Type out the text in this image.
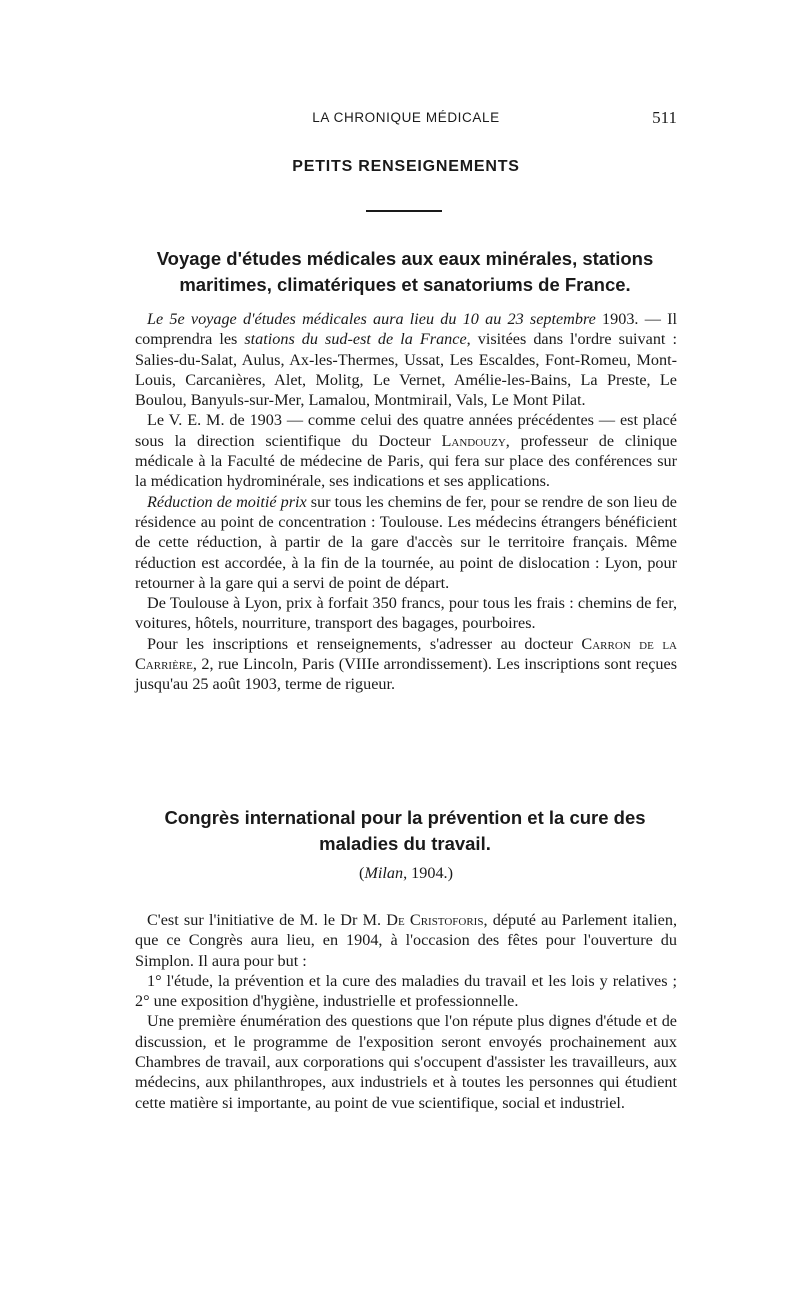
LA CHRONIQUE MÉDICALE	511
PETITS RENSEIGNEMENTS

Voyage d'études médicales aux eaux minérales, stations

maritimes, climatériques et sanatoriums de France.

Le 5e voyage d'études médicales aura lieu du 10 au 23 septembre 1903. — Il comprendra les stations du sud-est de la France, visitées dans l'ordre suivant : Salies-du-Salat, Aulus, Ax-les-Thermes, Ussat, Les Escaldes, Font-Romeu, Mont-Louis, Carcanières, Alet, Molitg, Le Vernet, Amélie-les-Bains, La Preste, Le Boulou, Banyuls-sur-Mer, Lamalou, Montmirail, Vals, Le Mont Pilat.

Le V. E. M. de 1903 — comme celui des quatre années précédentes — est placé sous la direction scientifique du Docteur Landouzy, professeur de clinique médicale à la Faculté de médecine de Paris, qui fera sur place des conférences sur la médication hydrominérale, ses indications et ses applications.

Réduction de moitié prix sur tous les chemins de fer, pour se rendre de son lieu de résidence au point de concentration : Toulouse. Les médecins étrangers bénéficient de cette réduction, à partir de la gare d'accès sur le territoire français. Même réduction est accordée, à la fin de la tournée, au point de dislocation : Lyon, pour retourner à la gare qui a servi de point de départ.

De Toulouse à Lyon, prix à forfait 350 francs, pour tous les frais : chemins de fer, voitures, hôtels, nourriture, transport des bagages, pourboires.

Pour les inscriptions et renseignements, s'adresser au docteur Carron de la Carrière, 2, rue Lincoln, Paris (VIIIe arrondissement). Les inscriptions sont reçues jusqu'au 25 août 1903, terme de rigueur.

Congrès international pour la prévention et la cure des

maladies du travail.

(Milan, 1904.)

C'est sur l'initiative de M. le Dr M. De Cristoforis, député au Parlement italien, que ce Congrès aura lieu, en 1904, à l'occasion des fêtes pour l'ouverture du Simplon. Il aura pour but :

1° l'étude, la prévention et la cure des maladies du travail et les lois y relatives ; 2° une exposition d'hygiène, industrielle et professionnelle.

Une première énumération des questions que l'on répute plus dignes d'étude et de discussion, et le programme de l'exposition seront envoyés prochainement aux Chambres de travail, aux corporations qui s'occupent d'assister les travailleurs, aux médecins, aux philanthropes, aux industriels et à toutes les personnes qui étudient cette matière si importante, au point de vue scientifique, social et industriel.
